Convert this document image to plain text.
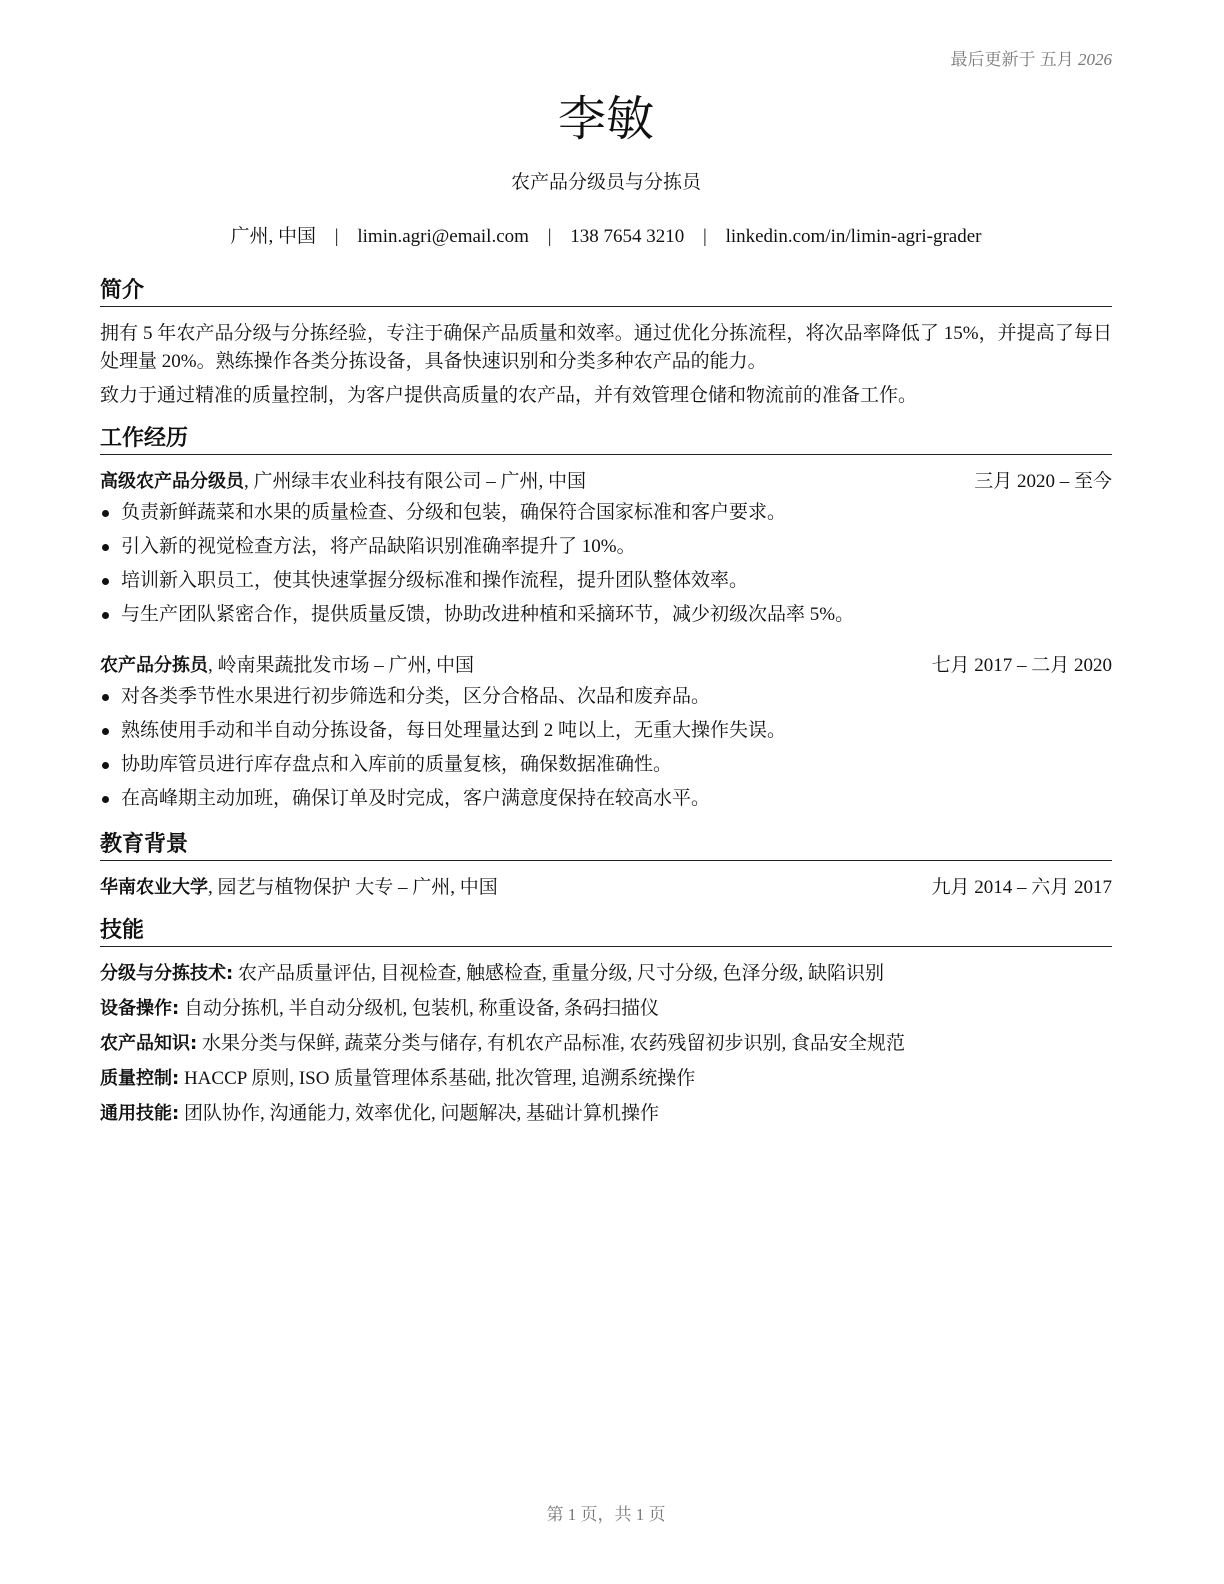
最后更新于 五月 2026
李敏
农产品分级员与分拣员
广州, 中国 | limin.agri@email.com | 138 7654 3210 | linkedin.com/in/limin-agri-grader
简介
拥有 5 年农产品分级与分拣经验，专注于确保产品质量和效率。通过优化分拣流程，将次品率降低了 15%，并提高了每日处理量 20%。熟练操作各类分拣设备，具备快速识别和分类多种农产品的能力。
致力于通过精准的质量控制，为客户提供高质量的农产品，并有效管理仓储和物流前的准备工作。
工作经历
高级农产品分级员, 广州绿丰农业科技有限公司 – 广州, 中国	三月 2020 – 至今
负责新鲜蔬菜和水果的质量检查、分级和包装，确保符合国家标准和客户要求。
引入新的视觉检查方法，将产品缺陷识别准确率提升了 10%。
培训新入职员工，使其快速掌握分级标准和操作流程，提升团队整体效率。
与生产团队紧密合作，提供质量反馈，协助改进种植和采摘环节，减少初级次品率 5%。
农产品分拣员, 岭南果蔬批发市场 – 广州, 中国	七月 2017 – 二月 2020
对各类季节性水果进行初步筛选和分类，区分合格品、次品和废弃品。
熟练使用手动和半自动分拣设备，每日处理量达到 2 吨以上，无重大操作失误。
协助库管员进行库存盘点和入库前的质量复核，确保数据准确性。
在高峰期主动加班，确保订单及时完成，客户满意度保持在较高水平。
教育背景
华南农业大学, 园艺与植物保护 大专 – 广州, 中国	九月 2014 – 六月 2017
技能
分级与分拣技术: 农产品质量评估, 目视检查, 触感检查, 重量分级, 尺寸分级, 色泽分级, 缺陷识别
设备操作: 自动分拣机, 半自动分级机, 包装机, 称重设备, 条码扫描仪
农产品知识: 水果分类与保鲜, 蔬菜分类与储存, 有机农产品标准, 农药残留初步识别, 食品安全规范
质量控制: HACCP 原则, ISO 质量管理体系基础, 批次管理, 追溯系统操作
通用技能: 团队协作, 沟通能力, 效率优化, 问题解决, 基础计算机操作
第 1 页，共 1 页
